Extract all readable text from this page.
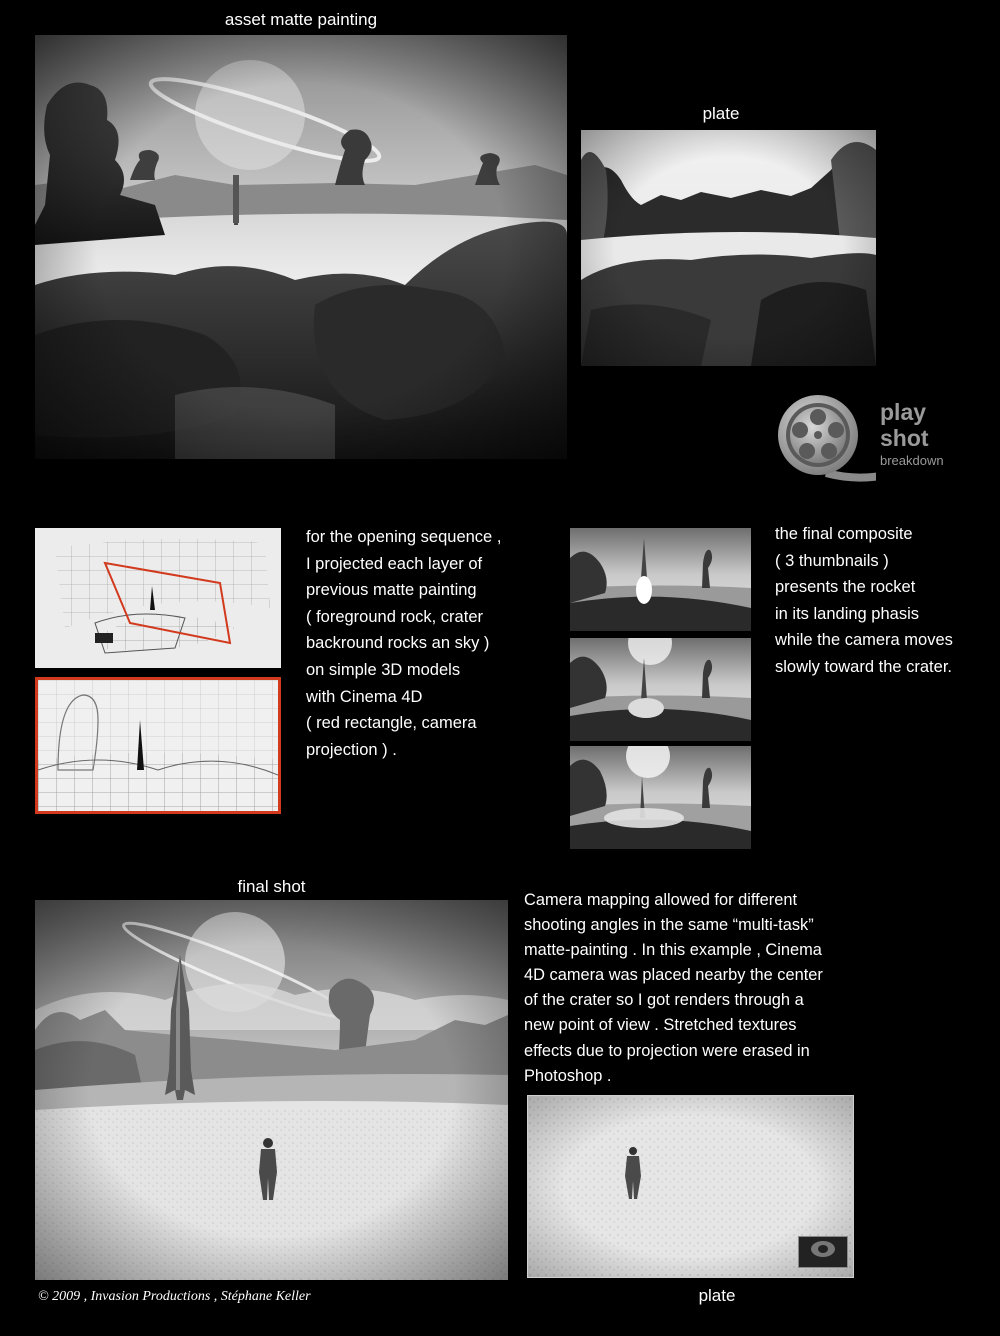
asset matte painting
plate
play
shot
breakdown
for the opening sequence ,
I projected each layer of
previous matte painting
( foreground rock, crater
backround rocks an sky )
on simple 3D models
with Cinema 4D
( red rectangle, camera
projection ) .
the final composite
( 3 thumbnails )
presents the rocket
in its landing phasis
while the camera moves
slowly toward the crater.
final shot
Camera mapping allowed for different
shooting angles in the same “multi-task”
matte-painting . In this example , Cinema
4D camera was placed nearby the center
of the crater so I got renders through a
new point of view . Stretched textures
effects due to projection were erased in
Photoshop .
plate
© 2009 , Invasion Productions , Stéphane Keller
